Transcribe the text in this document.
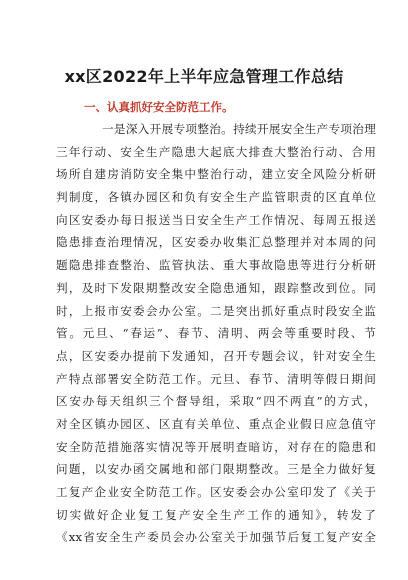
xx区2022年上半年应急管理工作总结
一、认真抓好安全防范工作。
一是深入开展专项整治。持续开展安全生产专项治理
三年行动、安全生产隐患大起底大排查大整治行动、合用
场所自建房消防安全集中整治行动，建立安全风险分析研
判制度，各镇办园区和负有安全生产监管职责的区直单位
向区安委办每日报送当日安全生产工作情况、每周五报送
隐患排查治理情况，区安委办收集汇总整理并对本周的问
题隐患排查整治、监管执法、重大事故隐患等进行分析研
判，及时下发限期整改安全隐患通知，跟踪整改到位。同
时，上报市安委会办公室。二是突出抓好重点时段安全监
管。元旦、“春运”、春节、清明、两会等重要时段、节
点，区安委办提前下发通知，召开专题会议，针对安全生
产特点部署安全防范工作。元旦、春节、清明等假日期间
区安办每天组织三个督导组，采取“四不两直”的方式，
对全区镇办园区、区直有关单位、重点企业假日应急值守
安全防范措施落实情况等开展明查暗访，对存在的隐患和
问题，以安办函交属地和部门限期整改。三是全力做好复
工复产企业安全防范工作。区安委会办公室印发了《关于
切实做好企业复工复产安全生产工作的通知》，转发了
《xx省安全生产委员会办公室关于加强节后复工复产安全
